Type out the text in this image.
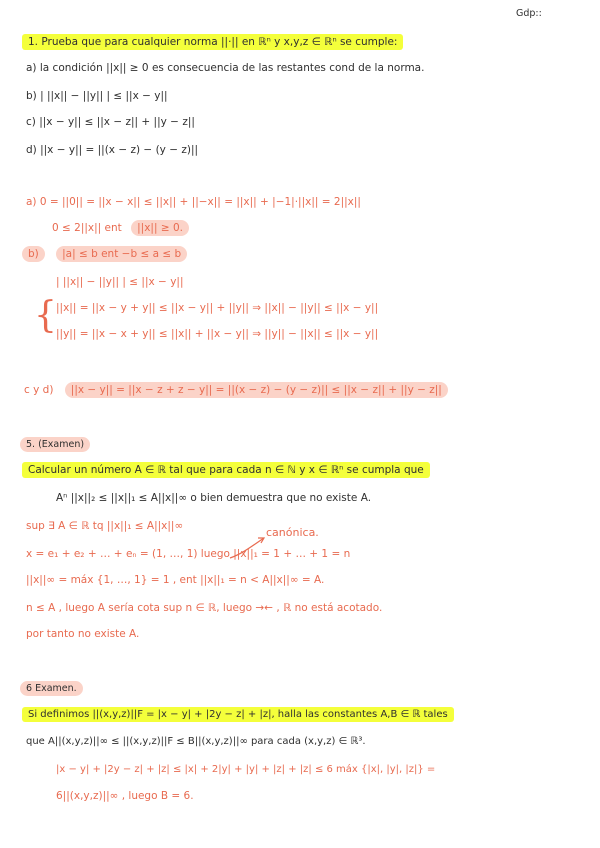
Gdp::
1. Prueba que para cualquier norma ||·|| en ℝⁿ y x,y,z ∈ ℝⁿ se cumple:
a) la condición ||x|| ≥ 0 es consecuencia de las restantes cond de la norma.
b) | ||x|| − ||y|| | ≤ ||x − y||
c) ||x − y|| ≤ ||x − z|| + ||y − z||
d) ||x − y|| = ||(x − z) − (y − z)||
a) 0 = ||0|| = ||x − x|| ≤ ||x|| + ||−x|| = ||x|| + |−1|·||x|| = 2||x||
0 ≤ 2||x|| ent ||x|| ≥ 0.
b) |a| ≤ b ent −b ≤ a ≤ b
| ||x|| − ||y|| | ≤ ||x − y||
{ ||x|| = ||x − y + y|| ≤ ||x − y|| + ||y|| ⇒ ||x|| − ||y|| ≤ ||x − y||
||y|| = ||x − x + y|| ≤ ||x|| + ||x − y|| ⇒ ||y|| − ||x|| ≤ ||x − y||
c y d) ||x − y|| = ||x − z + z − y|| = ||(x − z) − (y − z)|| ≤ ||x − z|| + ||y − z||
5. (Examen)
Calcular un número A ∈ ℝ tal que para cada n ∈ ℕ y x ∈ ℝⁿ se cumpla que
Aⁿ ||x||₂ ≤ ||x||₁ ≤ A||x||∞ o bien demuestra que no existe A.
sup ∃ A ∈ ℝ tq ||x||₁ ≤ A||x||∞	canónica.
x = e₁ + e₂ + … + eₙ = (1, …, 1) luego ||x||₁ = 1 + … + 1 = n
||x||∞ = máx {1, …, 1} = 1 , ent ||x||₁ = n < A||x||∞ = A.
n ≤ A , luego A sería cota sup n ∈ ℝ, luego →← , ℝ no está acotado.
por tanto no existe A.
6 Examen.
Si definimos ||(x,y,z)||F = |x − y| + |2y − z| + |z|, halla las constantes A,B ∈ ℝ tales
que A||(x,y,z)||∞ ≤ ||(x,y,z)||F ≤ B||(x,y,z)||∞ para cada (x,y,z) ∈ ℝ³.
|x − y| + |2y − z| + |z| ≤ |x| + 2|y| + |y| + |z| + |z| ≤ 6 máx {|x|, |y|, |z|} =
6||(x,y,z)||∞ , luego B = 6.
